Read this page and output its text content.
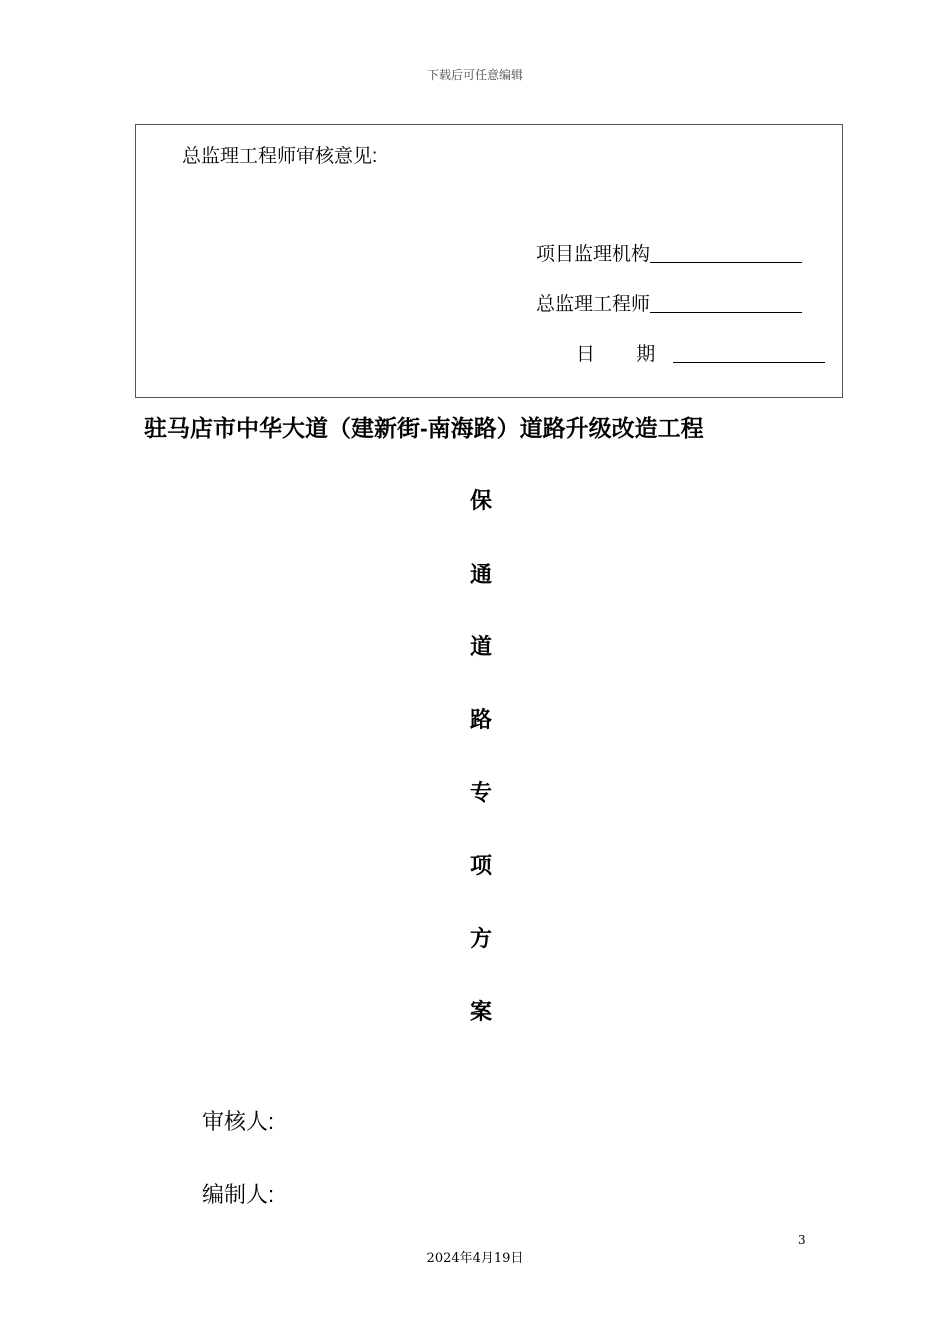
下载后可任意编辑
总监理工程师审核意见:
项目监理机构
总监理工程师
日 期
驻马店市中华大道（建新街-南海路）道路升级改造工程
保
通
道
路
专
项
方
案
审核人:
编制人:
3
2024年4月19日
